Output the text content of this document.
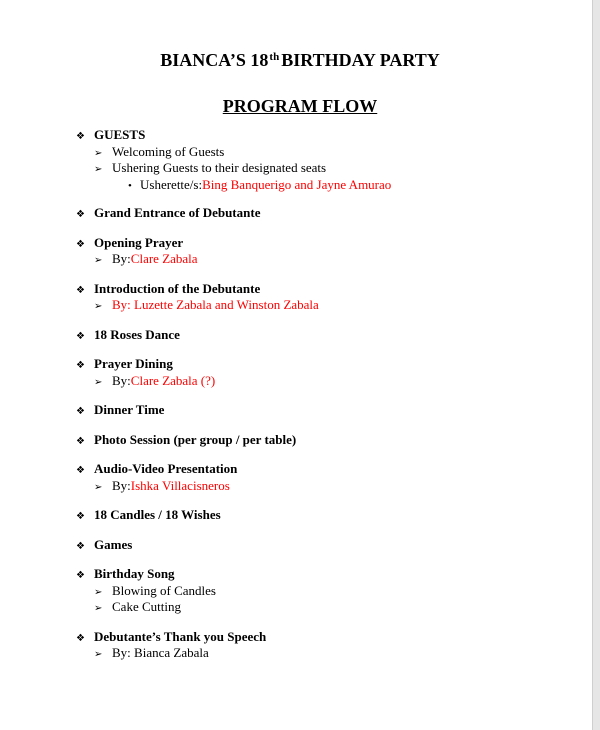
BIANCA’S 18th BIRTHDAY PARTY
PROGRAM FLOW
❖ GUESTS
➢ Welcoming of Guests
➢ Ushering Guests to their designated seats
• Usherette/s: Bing Banquerigo and Jayne Amurao
❖ Grand Entrance of Debutante
❖ Opening Prayer
➢ By: Clare Zabala
❖ Introduction of the Debutante
➢ By: Luzette Zabala and Winston Zabala
❖ 18 Roses Dance
❖ Prayer Dining
➢ By: Clare Zabala (?)
❖ Dinner Time
❖ Photo Session (per group / per table)
❖ Audio-Video Presentation
➢ By: Ishka Villacisneros
❖ 18 Candles / 18 Wishes
❖ Games
❖ Birthday Song
➢ Blowing of Candles
➢ Cake Cutting
❖ Debutante’s Thank you Speech
➢ By: Bianca Zabala
